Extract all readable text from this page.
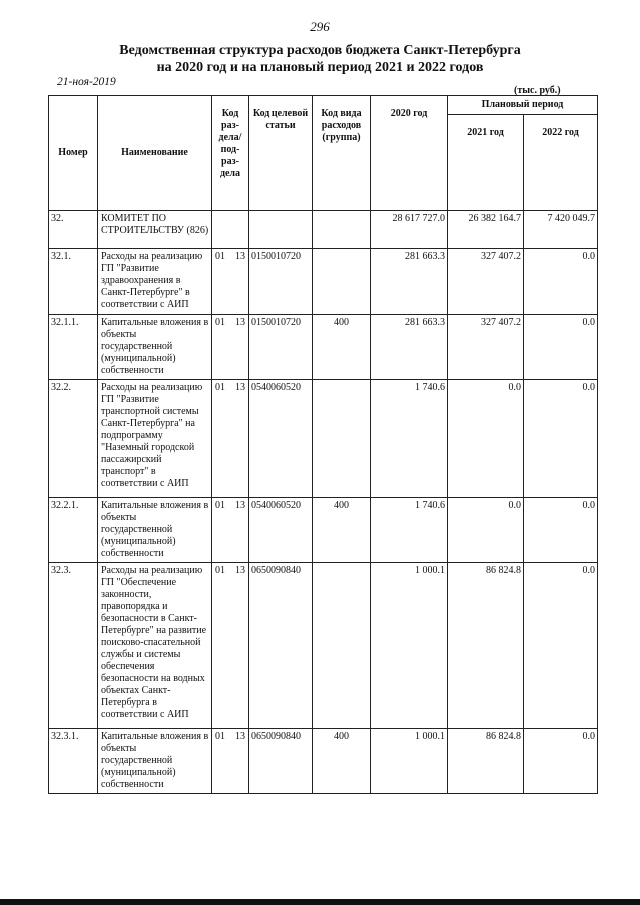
296
Ведомственная структура расходов бюджета Санкт-Петербурга
на 2020 год и на плановый период 2021 и 2022 годов
21-ноя-2019
(тыс. руб.)
Номер	Наименование	Код раз- дела/ под- раз- дела	Код целевой статьи	Код вида расходов (группа)	2020 год	Плановый период	
						2021 год	2022 год
32.	КОМИТЕТ ПО СТРОИТЕЛЬСТВУ (826)				28 617 727.0	26 382 164.7	7 420 049.7
32.1.	Расходы на реализацию ГП "Развитие здравоохранения в Санкт-Петербурге" в соответствии с АИП	01 13	0150010720		281 663.3	327 407.2	0.0
32.1.1.	Капитальные вложения в объекты государственной (муниципальной) собственности	01 13	0150010720	400	281 663.3	327 407.2	0.0
32.2.	Расходы на реализацию ГП "Развитие транспортной системы Санкт-Петербурга" на подпрограмму "Наземный городской пассажирский транспорт" в соответствии с АИП	01 13	0540060520		1 740.6	0.0	0.0
32.2.1.	Капитальные вложения в объекты государственной (муниципальной) собственности	01 13	0540060520	400	1 740.6	0.0	0.0
32.3.	Расходы на реализацию ГП "Обеспечение законности, правопорядка и безопасности в Санкт-Петербурге" на развитие поисково-спасательной службы и системы обеспечения безопасности на водных объектах Санкт-Петербурга в соответствии с АИП	01 13	0650090840		1 000.1	86 824.8	0.0
32.3.1.	Капитальные вложения в объекты государственной (муниципальной) собственности	01 13	0650090840	400	1 000.1	86 824.8	0.0
